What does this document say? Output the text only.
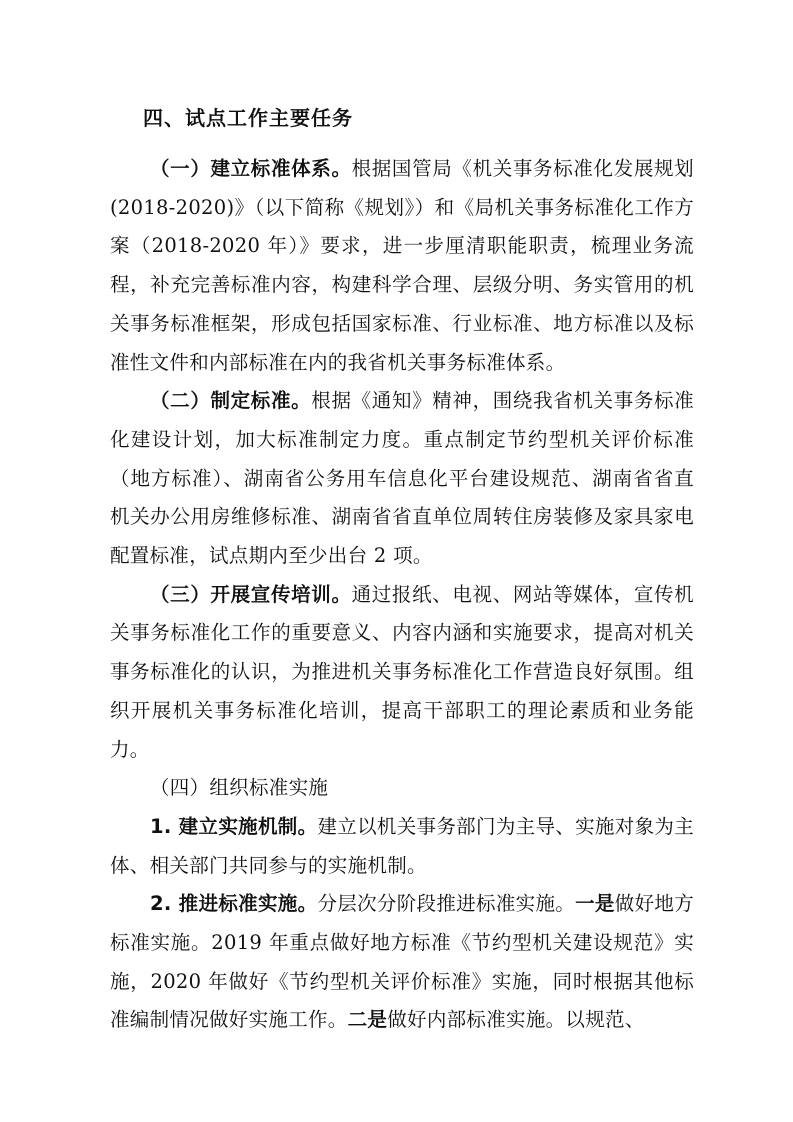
四、试点工作主要任务

（一）建立标准体系。根据国管局《机关事务标准化发展规划(2018-2020)》（以下简称《规划》）和《局机关事务标准化工作方案（2018-2020 年）》要求，进一步厘清职能职责，梳理业务流程，补充完善标准内容，构建科学合理、层级分明、务实管用的机关事务标准框架，形成包括国家标准、行业标准、地方标准以及标准性文件和内部标准在内的我省机关事务标准体系。

（二）制定标准。根据《通知》精神，围绕我省机关事务标准化建设计划，加大标准制定力度。重点制定节约型机关评价标准（地方标准）、湖南省公务用车信息化平台建设规范、湖南省省直机关办公用房维修标准、湖南省省直单位周转住房装修及家具家电配置标准，试点期内至少出台 2 项。

（三）开展宣传培训。通过报纸、电视、网站等媒体，宣传机关事务标准化工作的重要意义、内容内涵和实施要求，提高对机关事务标准化的认识，为推进机关事务标准化工作营造良好氛围。组织开展机关事务标准化培训，提高干部职工的理论素质和业务能力。

（四）组织标准实施

1. 建立实施机制。建立以机关事务部门为主导、实施对象为主体、相关部门共同参与的实施机制。

2. 推进标准实施。分层次分阶段推进标准实施。一是做好地方标准实施。2019 年重点做好地方标准《节约型机关建设规范》实施，2020 年做好《节约型机关评价标准》实施，同时根据其他标准编制情况做好实施工作。二是做好内部标准实施。以规范、
